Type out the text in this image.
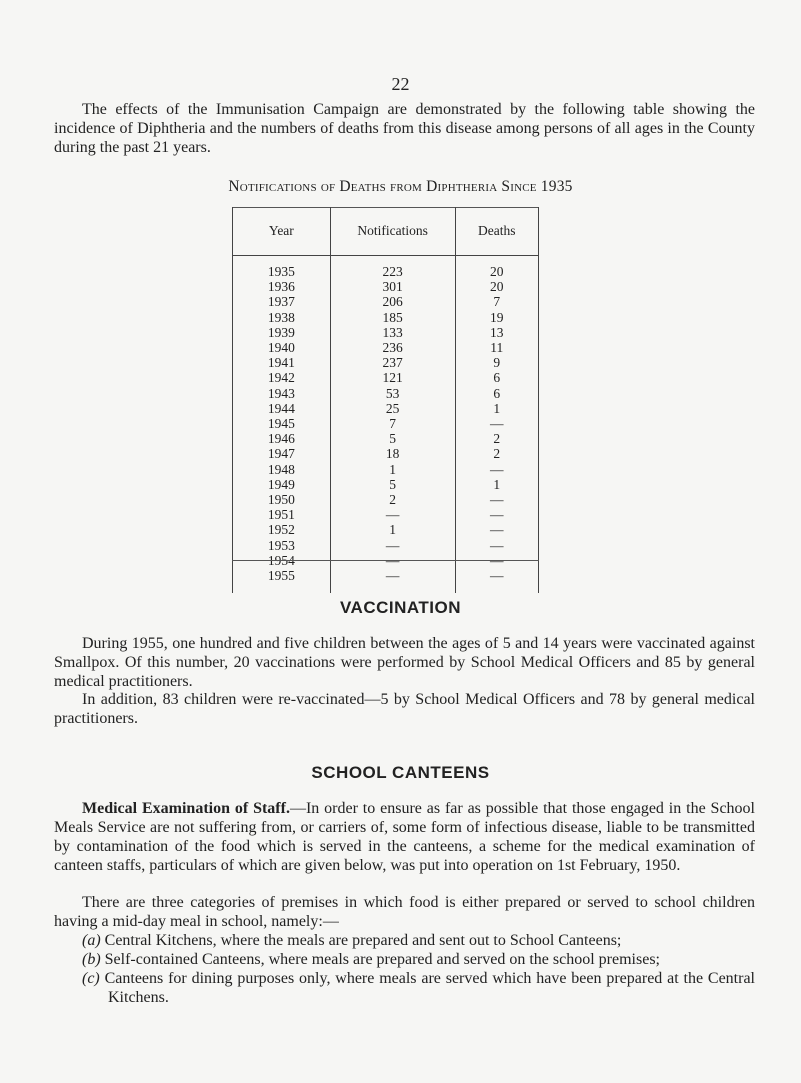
22
The effects of the Immunisation Campaign are demonstrated by the following table showing the incidence of Diphtheria and the numbers of deaths from this disease among persons of all ages in the County during the past 21 years.
Notifications of Deaths from Diphtheria Since 1935
Year	Notifications	Deaths
1935	223	20
1936	301	20
1937	206	7
1938	185	19
1939	133	13
1940	236	11
1941	237	9
1942	121	6
1943	53	6
1944	25	1
1945	7	—
1946	5	2
1947	18	2
1948	1	—
1949	5	1
1950	2	—
1951	—	—
1952	1	—
1953	—	—
1954	—	—
1955	—	—
VACCINATION
During 1955, one hundred and five children between the ages of 5 and 14 years were vaccinated against Smallpox. Of this number, 20 vaccinations were performed by School Medical Officers and 85 by general medical practitioners.
In addition, 83 children were re-vaccinated—5 by School Medical Officers and 78 by general medical practitioners.
SCHOOL CANTEENS
Medical Examination of Staff.—In order to ensure as far as possible that those engaged in the School Meals Service are not suffering from, or carriers of, some form of infectious disease, liable to be transmitted by contamination of the food which is served in the canteens, a scheme for the medical examination of canteen staffs, particulars of which are given below, was put into operation on 1st February, 1950.
There are three categories of premises in which food is either prepared or served to school children having a mid-day meal in school, namely:—
(a) Central Kitchens, where the meals are prepared and sent out to School Canteens;
(b) Self-contained Canteens, where meals are prepared and served on the school premises;
(c) Canteens for dining purposes only, where meals are served which have been prepared at the Central Kitchens.
